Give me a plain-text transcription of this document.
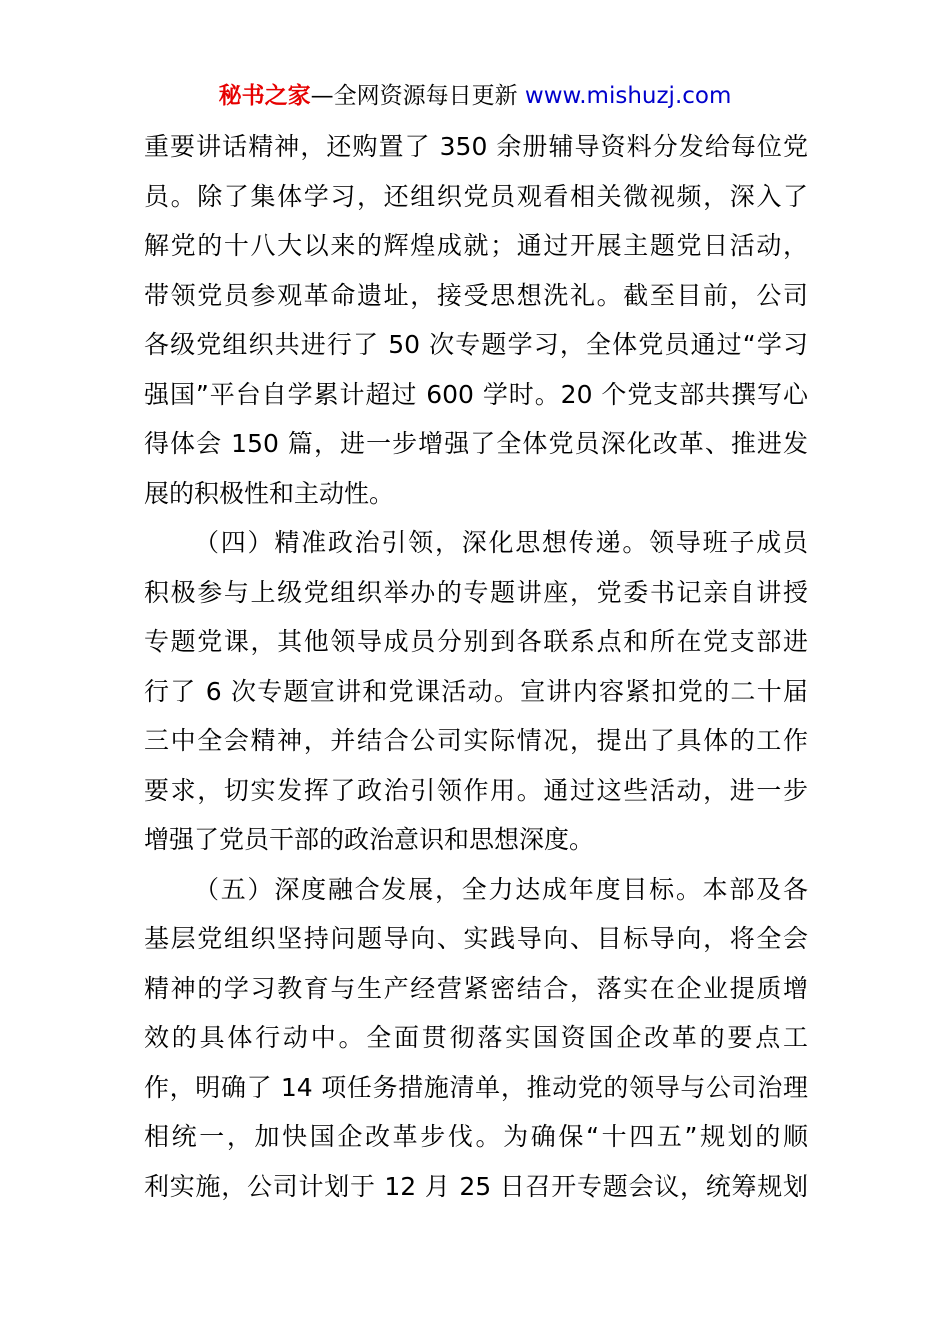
秘书之家—全网资源每日更新 www.mishuzj.com
重要讲话精神，还购置了 350 余册辅导资料分发给每位党
员。除了集体学习，还组织党员观看相关微视频，深入了
解党的十八大以来的辉煌成就；通过开展主题党日活动，
带领党员参观革命遗址，接受思想洗礼。截至目前，公司
各级党组织共进行了 50 次专题学习，全体党员通过“学习
强国”平台自学累计超过 600 学时。20 个党支部共撰写心
得体会 150 篇，进一步增强了全体党员深化改革、推进发
展的积极性和主动性。
（四）精准政治引领，深化思想传递。领导班子成员
积极参与上级党组织举办的专题讲座，党委书记亲自讲授
专题党课，其他领导成员分别到各联系点和所在党支部进
行了 6 次专题宣讲和党课活动。宣讲内容紧扣党的二十届
三中全会精神，并结合公司实际情况，提出了具体的工作
要求，切实发挥了政治引领作用。通过这些活动，进一步
增强了党员干部的政治意识和思想深度。
（五）深度融合发展，全力达成年度目标。本部及各
基层党组织坚持问题导向、实践导向、目标导向，将全会
精神的学习教育与生产经营紧密结合，落实在企业提质增
效的具体行动中。全面贯彻落实国资国企改革的要点工
作，明确了 14 项任务措施清单，推动党的领导与公司治理
相统一，加快国企改革步伐。为确保“十四五”规划的顺
利实施，公司计划于 12 月 25 日召开专题会议，统筹规划
